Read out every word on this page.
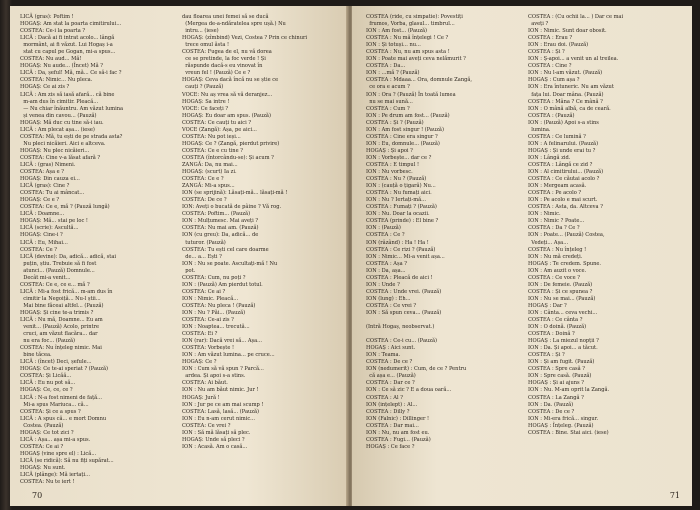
LICĂ (gras): Poftim !
HOGAȘ: Am stat la poarta cimitirului...
COSTEA: Ce-i la poarta ?
LICĂ : Dacă ai fi intrat acolo... lângă
mormânt, ai fi văzut. Lui Hogaș i-a
stat cu capul pe Gogan, mi-a spus...
COSTEA: Nu aud... Mă!
HOGAȘ: Nu aude... (Încet) Mă ?
LICĂ : Da, șeful! Mă, mă... Ce să-i fac ?
COSTEA: Nimic... Nu pleca.
HOGAȘ: Ce ai zis ?
LICĂ : Am zis să iasă afară... că bine
m-am dus în cimitir. Pleacă...
— Nu chiar înăuntru. Am văzut lumina
și venea din cavou... (Pauză)
HOGAȘ: Mă duc cu tine să-i iau.
LICĂ : Am plecat așa... (iese)
COSTEA: Mă, tu ești de pe strada asta?
Nu pleci nicăieri. Aici e altceva.
HOGAȘ: Nu plec nicăieri...
COSTEA: Cine v-a lăsat afară ?
LICĂ : (gras) Nimeni.
COSTEA: Așa e ?
HOGAȘ: Din cauza ei...
LICĂ (gras): Cine ?
COSTEA: Tu ai mâncat...
HOGAȘ: Ce e ?
COSTEA: Ce e, mă ? (Pauză lungă)
LICĂ : Doamne...
HOGAȘ: Mă... stai pe loc !
LICĂ (scrie): Ascultă...
HOGAȘ: Cine-i ?
LICĂ : Eu, Mihai...
COSTEA: Ce ?
LICĂ (devine): Da, adică... adică, stai
puțin, știu. Trebuie să fi fost
atunci... (Pauză) Domnule...
Decât mi-a venit...
COSTEA: Ce e, ce e... mă ?
LICĂ : Mi-a fost frică... m-am dus în
cimitir la Negoiță... Nu-l știi...
Mai bine făceai altfel... (Pauză)
HOGAȘ: Și cine te-a trimis ?
LICĂ : Nu mă, Doamne... Eu am
venit... (Pauză) Acolo, printre
cruci, am văzut flacăra... dar
nu era foc... (Pauză)
COSTEA: Nu înțeleg nimic. Mai
bine tăcea.
LICĂ : (încet) Deci, șefule...
HOGAȘ: Ce te-ai speriat ? (Pauză)
COSTEA: Și Licăă...
LICĂ : Eu nu pot să...
HOGAȘ: Ce, ce, ce ?
LICĂ : N-a fost nimeni de față...
Mi-a spus Mariuca... că...
COSTEA: Și ce a spus ?
LICĂ : A spus că... e mort Domnu
Costea. (Pauză)
HOGAȘ: Ce tot zici ?
LICĂ : Așa... așa mi-a spus.
COSTEA: Ce ai ?
HOGAȘ (vine spre el) : Lică...
LICĂ (se ridică): Să nu fiți supărat...
HOGAȘ: Nu sunt.
LICĂ (plânge): Mă iertați...
COSTEA: Nu te iert !
dau floarea unei femei să se ducă
(Mergea de-a-ndăratelea spre ușă.) Nu
intru... (iese)
HOGAȘ: (zîmbind) Vezi, Costea ? Prin ce chinuri
trece omul ăsta !
COSTEA: Fugea de el, nu vă dorea
ce se pretinde, la foc verde ! Și
răspunde dacă-s eu vinovat în
vreun fel ! (Pauză) Ce e ?
HOGAȘ: Ceva dacă încă nu se știe ce
cauți ? (Pauză)
VOCE: Nu aș vrea să vă deranjez...
HOGAȘ: Sa intre !
VOCE: Ce faceți ?
HOGAȘ: Eu doar am spus. (Pauză)
COSTEA: Ce cauți tu aici ?
VOCE (Zangă): Așa, pe aici...
COSTEA: Nu pot ieși...
HOGAȘ: Ce ? (Zangă, pierdut privire)
COSTEA: Ce e cu tine ?
COSTEA (întorcându-se): Și acum ?
ZANGĂ: Da, nu mai...
HOGAȘ: (scurt) Ia zi.
COSTEA: Ce e ?
ZANGĂ: Mi-a spus...
ION (se sprijină): Lăsați-mă... lăsați-mă !
COSTEA: De ce ?
ION: Aveți o bucată de pâine ? Vă rog.
COSTEA: Poftim... (Pauză)
ION : Mulțumesc. Mai aveți ?
COSTEA: Nu mai am. (Pauză)
ION (cu greu): Da, adică... de
tuturor. (Pauză)
COSTEA: Tu ești cel care doarme
de... a... Ești ?
ION : Nu se poate. Ascultați-mă ! Nu
pot.
COSTEA: Cum, nu poți ?
ION : (Pauză) Am pierdut totul.
COSTEA: Ce ai ?
ION : Nimic. Pleacă...
COSTEA: Nu pleca ! (Pauză)
ION : Nu ? Păi... (Pauză)
COSTEA: Ce-ai zis ?
ION : Noaptea... trecută...
COSTEA: Ei ?
ION (rar): Dacă vrei să... Așa...
COSTEA: Vorbește !
ION : Am văzut lumina... pe cruce...
HOGAȘ: Ce ?
ION : Cum să vă spun ? Parcă...
ardea. Și apoi s-a stins.
COSTEA: Ai băut.
ION : Nu am băut nimic. Jur !
HOGAȘ: Jură !
ION : Jur pe ce am mai scump !
COSTEA: Lasă, lasă... (Pauză)
ION : Eu n-am cerut nimic...
COSTEA: Ce vrei ?
ION : Să mă lăsați să plec.
HOGAȘ: Unde să pleci ?
ION : Acasă. Am o casă...
70
COSTEA (ride, cu simpatie): Povestiți
frumos, Vorba, glasul... timbrul...
ION : Am fost... (Pauză)
COSTEA : Nu mă înțelegi ! Ce ?
ION : Și totuși... nu...
COSTEA : Nu, nu am spus asta !
ION : Poate mai aveți ceva nelămurit ?
COSTEA : Da...
ION : ...mă ? (Pauză)
COSTEA : Mdaaa... Ora, domnule Zangă,
ce ora e acum ?
ION : Ora ? (Pauză) În toată lumea
nu se mai sună...
COSTEA : Cum ?
ION : Pe drum am fost... (Pauză)
COSTEA : Și ? (Pauză)
ION : Am fost singur ! (Pauză)
COSTEA : Cine era singur ?
ION : Eu, domnule... (Pauză)
HOGAȘ : Și apoi ?
ION : Vorbește... dar ce ?
COSTEA : E timpul !
ION : Nu vorbesc.
COSTEA : Nu ? (Pauză)
ION : (cauță o țigară) Nu...
COSTEA : Nu fumați aici.
ION : Nu ? Iertați-mă...
COSTEA : Fumați ? (Pauză)
ION : Nu. Doar la ocazii.
COSTEA (prinde) : El bine ?
ION : (Pauză)
COSTEA : Ce ?
ION (râzând) : Ha ! Ha !
COSTEA : Ce rizi ? (Pauză)
ION : Nimic... Mi-a venit așa...
COSTEA : Așa ?
ION : Da, așa...
COSTEA : Pleacă de aici !
ION : Unde ?
COSTEA : Unde vrei. (Pauză)
ION (lung) : Eh...
COSTEA : Ce vrei ?
ION : Să spun ceva... (Pauză)

(Intră Hogaș, neobservat.)

COSTEA : Ce-i cu... (Pauză)
HOGAȘ : Aici sunt.
ION : Teama.
COSTEA : De ce ?
ION (nedumerit) : Cum, de ce ? Pentru
că așa e... (Pauză)
COSTEA : Dar ce ?
ION : Ce să zic ? E a doua oară...
COSTEA : Al ?
ION (ințelept) : Al...
COSTEA : Dilly ?
ION (Falnic) : Dillinger !
COSTEA : Dar mai...
ION : Nu, nu am fost eu.
COSTEA : Fugi... (Pauză)
HOGAȘ : Ce face ?
COSTEA : (Cu ochii la... ) Dar ce mai
aveți ?
ION : Nimic. Sunt doar obosit.
COSTEA : Erau ?
ION : Erau doi. (Pauză)
COSTEA : Și ?
ION : Ș-apoi... a venit un al treilea.
COSTEA : Cine ?
ION : Nu l-am văzut. (Pauză)
HOGAȘ : Cum așa ?
ION : Era întuneric. Nu am văzut
fața lui. Doar mâna. (Pauză)
COSTEA : Mâna ? Ce mână ?
ION : O mână albă, ca de ceară.
COSTEA : (Pauză)
ION : (Pauză) Apoi s-a stins
lumina.
COSTEA : Ce lumină ?
ION : A felinarului. (Pauză)
HOGAȘ : Și unde erai tu ?
ION : Lângă zid.
COSTEA : Lângă ce zid ?
ION : Al cimitirului... (Pauză)
COSTEA : Ce căutai acolo ?
ION : Mergeam acasă.
COSTEA : Pe acolo ?
ION : Pe acolo e mai scurt.
COSTEA : Asta, da. Altceva ?
ION : Nimic.
ION : Nimic ? Poate...
COSTEA : Da ? Ce ?
ION : Poate... (Pauză) Costea,
Vedeți... Așa...
COSTEA : Nu înțeleg !
ION : Nu mă credeți.
HOGAȘ : Te credem. Spune.
ION : Am auzit o voce.
COSTEA : Ce voce ?
ION : De femeie. (Pauză)
COSTEA : Și ce spunea ?
ION : Nu se mai... (Pauză)
HOGAȘ : Dar ?
ION : Cânta... ceva vechi...
COSTEA : Ce cânta ?
ION : O doină. (Pauză)
COSTEA : Doină ?
HOGAȘ : La miezul nopții ?
ION : Da. Și apoi... a tăcut.
COSTEA : Și ?
ION : Și am fugit. (Pauză)
COSTEA : Spre casă ?
ION : Spre casă. (Pauză)
HOGAȘ : Și ai ajuns ?
ION : Nu. M-am oprit la Zangă.
COSTEA : La Zangă ?
ION : Da. (Pauză)
COSTEA : De ce ?
ION : Mi-era frică... singur.
HOGAȘ : Înțeleg. (Pauză)
COSTEA : Bine. Stai aici. (iese)
71
